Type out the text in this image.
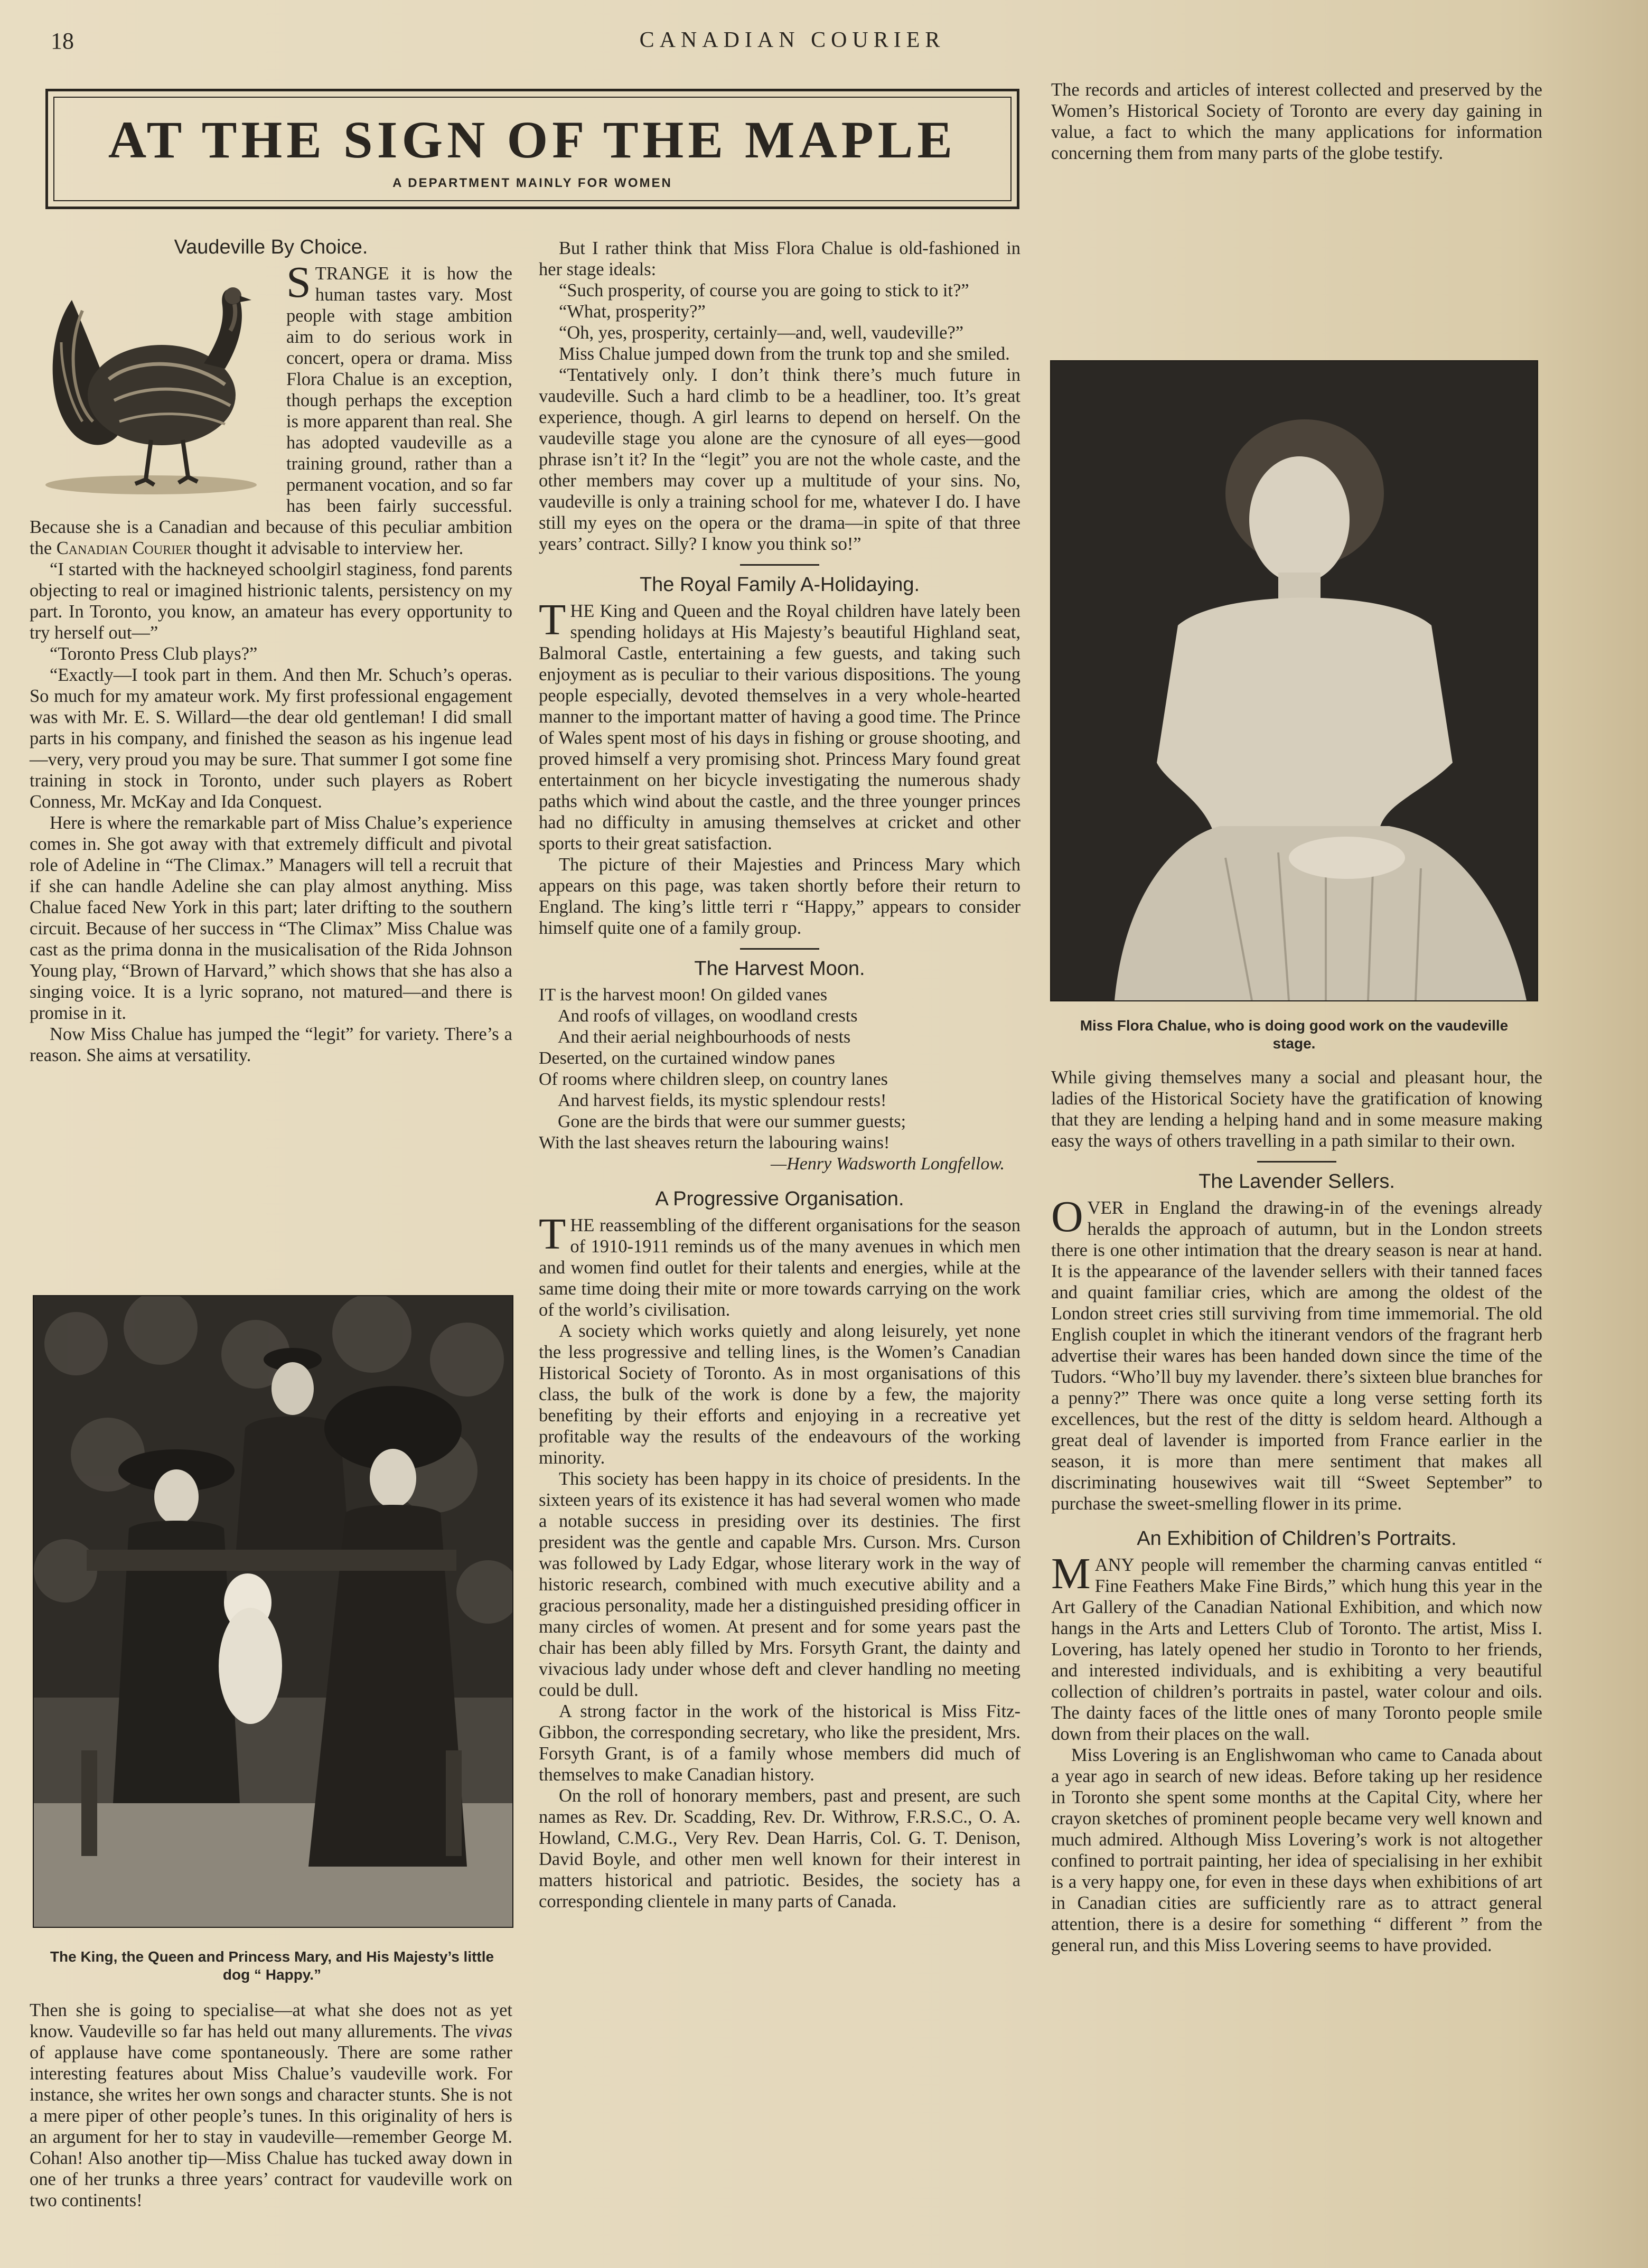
18	CANADIAN COURIER
AT THE SIGN OF THE MAPLE
A DEPARTMENT MAINLY FOR WOMEN
Vaudeville By Choice.

STRANGE it is how the human tastes vary. Most people with stage ambition aim to do serious work in concert, opera or drama. Miss Flora Chalue is an exception, though perhaps the exception is more apparent than real. She has adopted vaudeville as a training ground, rather than a permanent vocation, and so far has been fairly successful. Because she is a Canadian and because of this peculiar ambition the Canadian Courier thought it advisable to interview her.

“I started with the hackneyed schoolgirl staginess, fond parents objecting to real or imagined histrionic talents, persistency on my part. In Toronto, you know, an amateur has every opportunity to try herself out—”

“Toronto Press Club plays?”

“Exactly—I took part in them. And then Mr. Schuch’s operas. So much for my amateur work. My first professional engagement was with Mr. E. S. Willard—the dear old gentleman! I did small parts in his company, and finished the season as his ingenue lead—very, very proud you may be sure. That summer I got some fine training in stock in Toronto, under such players as Robert Conness, Mr. McKay and Ida Conquest.

Here is where the remarkable part of Miss Chalue’s experience comes in. She got away with that extremely difficult and pivotal role of Adeline in “The Climax.” Managers will tell a recruit that if she can handle Adeline she can play almost anything. Miss Chalue faced New York in this part; later drifting to the southern circuit. Because of her success in “The Climax” Miss Chalue was cast as the prima donna in the musicalisation of the Rida Johnson Young play, “Brown of Harvard,” which shows that she has also a singing voice. It is a lyric soprano, not matured—and there is promise in it.

Now Miss Chalue has jumped the “legit” for variety. There’s a reason. She aims at versatility.

The King, the Queen and Princess Mary, and His Majesty’s little dog “ Happy.”

Then she is going to specialise—at what she does not as yet know. Vaudeville so far has held out many allurements. The vivas of applause have come spontaneously. There are some rather interesting features about Miss Chalue’s vaudeville work. For instance, she writes her own songs and character stunts. She is not a mere piper of other people’s tunes. In this originality of hers is an argument for her to stay in vaudeville—remember George M. Cohan! Also another tip—Miss Chalue has tucked away down in one of her trunks a three years’ contract for vaudeville work on two continents!

But I rather think that Miss Flora Chalue is old-fashioned in her stage ideals:

“Such prosperity, of course you are going to stick to it?”

“What, prosperity?”

“Oh, yes, prosperity, certainly—and, well, vaudeville?”

Miss Chalue jumped down from the trunk top and she smiled.

“Tentatively only. I don’t think there’s much future in vaudeville. Such a hard climb to be a headliner, too. It’s great experience, though. A girl learns to depend on herself. On the vaudeville stage you alone are the cynosure of all eyes—good phrase isn’t it? In the “legit” you are not the whole caste, and the other members may cover up a multitude of your sins. No, vaudeville is only a training school for me, whatever I do. I have still my eyes on the opera or the drama—in spite of that three years’ contract. Silly? I know you think so!”

The Royal Family A-Holidaying.

THE King and Queen and the Royal children have lately been spending holidays at His Majesty’s beautiful Highland seat, Balmoral Castle, entertaining a few guests, and taking such enjoyment as is peculiar to their various dispositions. The young people especially, devoted themselves in a very whole-hearted manner to the important matter of having a good time. The Prince of Wales spent most of his days in fishing or grouse shooting, and proved himself a very promising shot. Princess Mary found great entertainment on her bicycle investigating the numerous shady paths which wind about the castle, and the three younger princes had no difficulty in amusing themselves at cricket and other sports to their great satisfaction.

The picture of their Majesties and Princess Mary which appears on this page, was taken shortly before their return to England. The king’s little terri r “Happy,” appears to consider himself quite one of a family group.

The Harvest Moon.
IT is the harvest moon! On gilded vanes
And roofs of villages, on woodland crests
And their aerial neighbourhoods of nests
Deserted, on the curtained window panes
Of rooms where children sleep, on country lanes
And harvest fields, its mystic splendour rests!
Gone are the birds that were our summer guests;
With the last sheaves return the labouring wains!
—Henry Wadsworth Longfellow.
A Progressive Organisation.

THE reassembling of the different organisations for the season of 1910-1911 reminds us of the many avenues in which men and women find outlet for their talents and energies, while at the same time doing their mite or more towards carrying on the work of the world’s civilisation.

A society which works quietly and along leisurely, yet none the less progressive and telling lines, is the Women’s Canadian Historical Society of Toronto. As in most organisations of this class, the bulk of the work is done by a few, the majority benefiting by their efforts and enjoying in a recreative yet profitable way the results of the endeavours of the working minority.

This society has been happy in its choice of presidents. In the sixteen years of its existence it has had several women who made a notable success in presiding over its destinies. The first president was the gentle and capable Mrs. Curson. Mrs. Curson was followed by Lady Edgar, whose literary work in the way of historic research, combined with much executive ability and a gracious personality, made her a distinguished presiding officer in many circles of women. At present and for some years past the chair has been ably filled by Mrs. Forsyth Grant, the dainty and vivacious lady under whose deft and clever handling no meeting could be dull.

A strong factor in the work of the historical is Miss Fitz-Gibbon, the corresponding secretary, who like the president, Mrs. Forsyth Grant, is of a family whose members did much of themselves to make Canadian history.

On the roll of honorary members, past and present, are such names as Rev. Dr. Scadding, Rev. Dr. Withrow, F.R.S.C., O. A. Howland, C.M.G., Very Rev. Dean Harris, Col. G. T. Denison, David Boyle, and other men well known for their interest in matters historical and patriotic. Besides, the society has a corresponding clientele in many parts of Canada.

The records and articles of interest collected and preserved by the Women’s Historical Society of Toronto are every day gaining in value, a fact to which the many applications for information concerning them from many parts of the globe testify.

Miss Flora Chalue, who is doing good work on the vaudeville stage.

While giving themselves many a social and pleasant hour, the ladies of the Historical Society have the gratification of knowing that they are lending a helping hand and in some measure making easy the ways of others travelling in a path similar to their own.

The Lavender Sellers.

OVER in England the drawing-in of the evenings already heralds the approach of autumn, but in the London streets there is one other intimation that the dreary season is near at hand. It is the appearance of the lavender sellers with their tanned faces and quaint familiar cries, which are among the oldest of the London street cries still surviving from time immemorial. The old English couplet in which the itinerant vendors of the fragrant herb advertise their wares has been handed down since the time of the Tudors. “Who’ll buy my lavender. there’s sixteen blue branches for a penny?” There was once quite a long verse setting forth its excellences, but the rest of the ditty is seldom heard. Although a great deal of lavender is imported from France earlier in the season, it is more than mere sentiment that makes all discriminating housewives wait till “Sweet September” to purchase the sweet-smelling flower in its prime.

An Exhibition of Children’s Portraits.

MANY people will remember the charming canvas entitled “ Fine Feathers Make Fine Birds,” which hung this year in the Art Gallery of the Canadian National Exhibition, and which now hangs in the Arts and Letters Club of Toronto. The artist, Miss I. Lovering, has lately opened her studio in Toronto to her friends, and interested individuals, and is exhibiting a very beautiful collection of children’s portraits in pastel, water colour and oils. The dainty faces of the little ones of many Toronto people smile down from their places on the wall.

Miss Lovering is an Englishwoman who came to Canada about a year ago in search of new ideas. Before taking up her residence in Toronto she spent some months at the Capital City, where her crayon sketches of prominent people became very well known and much admired. Although Miss Lovering’s work is not altogether confined to portrait painting, her idea of specialising in her exhibit is a very happy one, for even in these days when exhibitions of art in Canadian cities are sufficiently rare as to attract general attention, there is a desire for something “ different ” from the general run, and this Miss Lovering seems to have provided.
